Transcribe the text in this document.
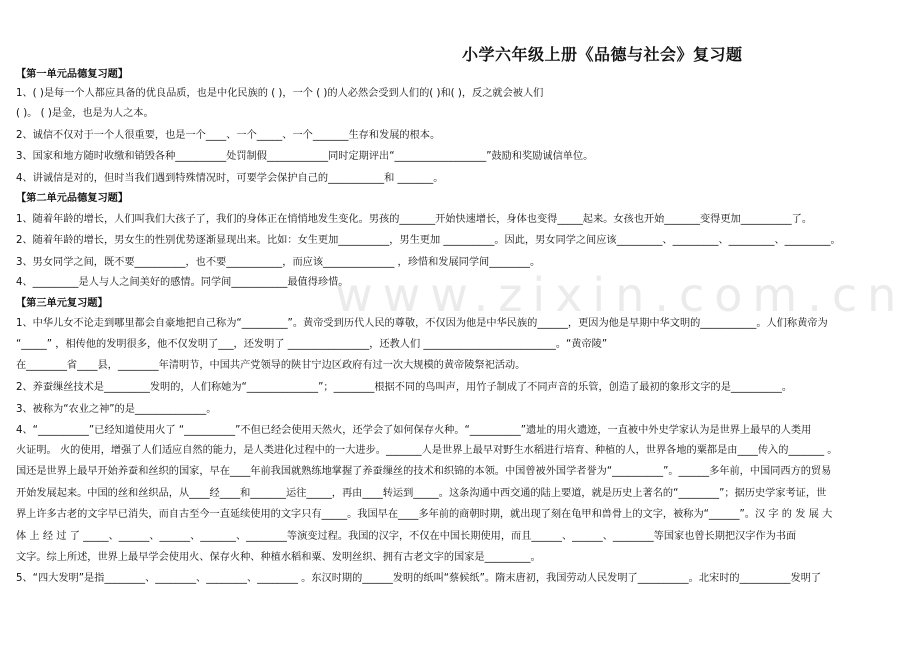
小学六年级上册《品德与社会》复习题
www.zixin.com.cn
【第一单元品德复习题】
1、( )是每一个人都应具备的优良品质，也是中化民族的 ( )，一个 ( )的人必然会受到人们的( )和( )，反之就会被人们
( )。 ( )是金，也是为人之本。
2、诚信不仅对于一个人很重要，也是一个____、一个_____、一个_______生存和发展的根本。
3、国家和地方随时收缴和销毁各种__________处罚制假____________同时定期评出“__________________”鼓励和奖励诚信单位。
4、讲诚信是对的，但时当我们遇到特殊情况时，可要学会保护自己的___________和 _______。
【第二单元品德复习题】
1、随着年龄的增长，人们叫我们大孩子了，我们的身体正在悄悄地发生变化。男孩的_______开始快速增长，身体也变得_____起来。女孩也开始_______变得更加__________了。
2、随着年龄的增长，男女生的性别优势逐渐显现出来。比如：女生更加__________，男生更加 __________。因此，男女同学之间应该_________、_________、_________、_________。
3、男女同学之间，既不要__________，也不要___________，而应该______________ ，珍惜和发展同学间________。
4、_________是人与人之间美好的感情。同学间___________最值得珍惜。
【第三单元复习题】
1、中华儿女不论走到哪里都会自豪地把自己称为“_________”。黄帝受到历代人民的尊敬，不仅因为他是中华民族的______，更因为他是早期中华文明的___________。人们称黄帝为
“_____” ，相传他的发明很多，他不仅发明了___，还发明了 ________________，还教人们 __________________________。“黄帝陵”
在________省____县，________年清明节，中国共产党领导的陕甘宁边区政府有过一次大规模的黄帝陵祭祀活动。
2、养蚕缫丝技术是_________发明的，人们称她为“______________”；________根据不同的鸟叫声，用竹子制成了不同声音的乐管，创造了最初的象形文字的是__________。
3、被称为“农业之神”的是______________。
4、“__________”已经知道使用火了 “__________”不但已经会使用天然火，还学会了如何保存火种。“__________”遗址的用火遗迹，一直被中外史学家认为是世界上最早的人类用
火证明。 火的使用，增强了人们适应自然的能力，是人类进化过程中的一大进步。_______人是世界上最早对野生水稻进行培育、种植的人，世界各地的粟都是由____传入的_______ 。
国还是世界上最早开始养蚕和丝织的国家，早在____年前我国就熟练地掌握了养蚕缫丝的技术和织锦的本领。中国曾被外国学者誉为“__________”。______多年前，中国同西方的贸易
开始发展起来。中国的丝和丝织品，从____经____和_______运往_____，再由____转运到_____。这条沟通中西交通的陆上要道，就是历史上著名的“________”；据历史学家考证，世
界上许多古老的文字早已消失，而自古至今一直延续使用的文字只有_____。我国早在____多年前的商朝时期，就出现了刻在龟甲和兽骨上的文字，被称为“______”。汉 字 的 发 展 大
体 上 经 过 了 _____、______、______、_______、________等演变过程。我国的汉字，不仅在中国长期使用，而且______、______、________等国家也曾长期把汉字作为书面
文字。综上所述，世界上最早学会使用火、保存火种、种植水稻和粟、发明丝织、拥有古老文字的国家是_________。
5、“四大发明”是指________、________、________、________ 。东汉时期的______发明的纸叫“蔡候纸”。隋末唐初，我国劳动人民发明了__________。北宋时的__________发明了
